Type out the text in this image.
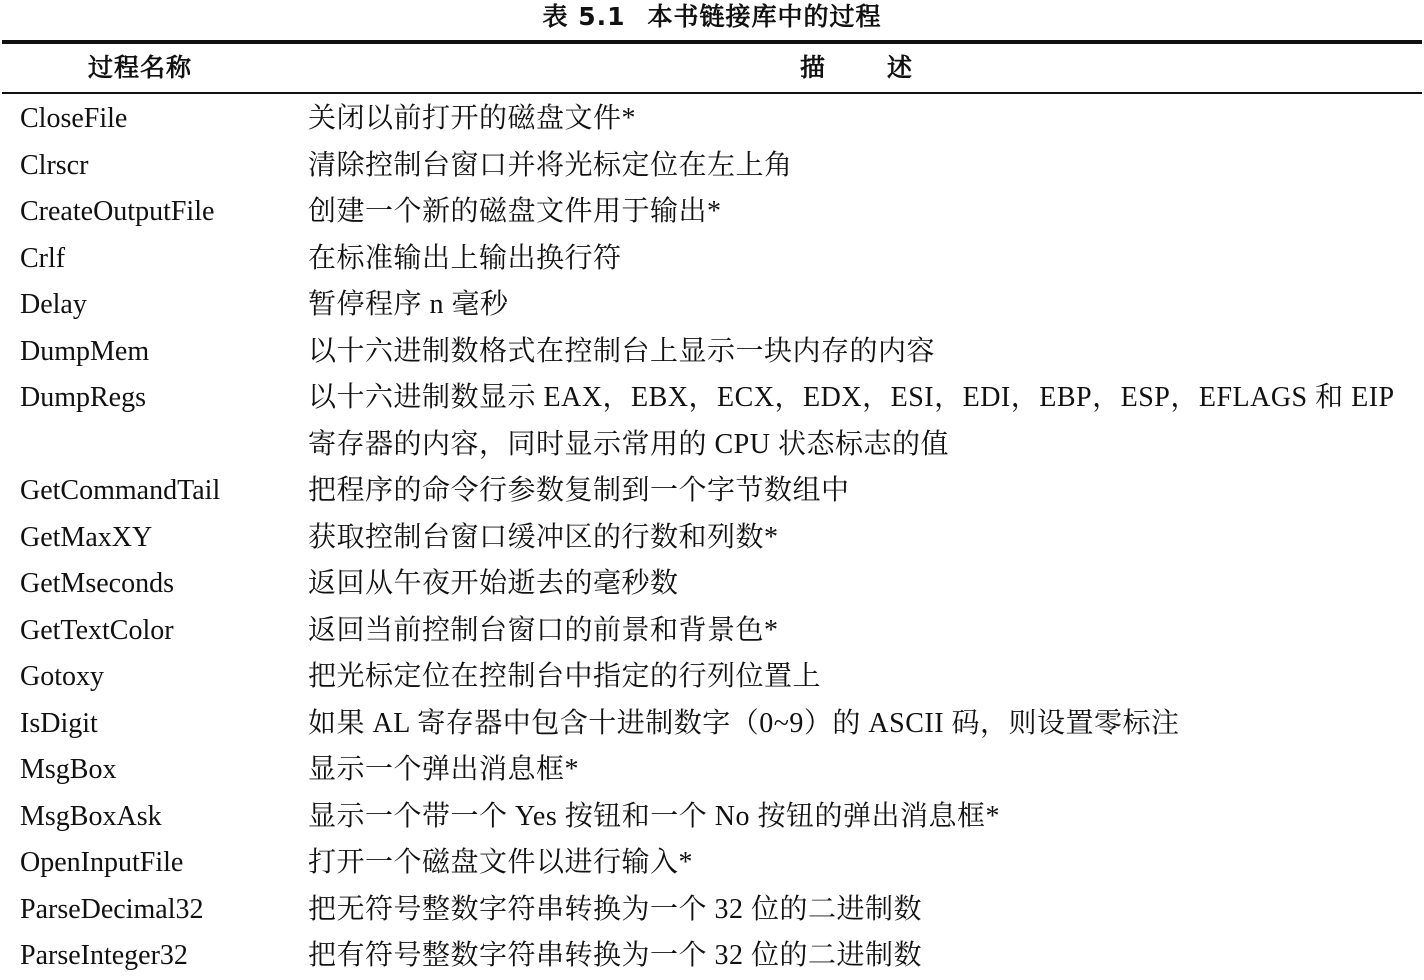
表 5.1 本书链接库中的过程
过程名称	描述
CloseFile	关闭以前打开的磁盘文件*
Clrscr	清除控制台窗口并将光标定位在左上角
CreateOutputFile	创建一个新的磁盘文件用于输出*
Crlf	在标准输出上输出换行符
Delay	暂停程序 n 毫秒
DumpMem	以十六进制数格式在控制台上显示一块内存的内容
DumpRegs	以十六进制数显示 EAX，EBX，ECX，EDX，ESI，EDI，EBP，ESP，EFLAGS 和 EIP 寄存器的内容，同时显示常用的 CPU 状态标志的值
GetCommandTail	把程序的命令行参数复制到一个字节数组中
GetMaxXY	获取控制台窗口缓冲区的行数和列数*
GetMseconds	返回从午夜开始逝去的毫秒数
GetTextColor	返回当前控制台窗口的前景和背景色*
Gotoxy	把光标定位在控制台中指定的行列位置上
IsDigit	如果 AL 寄存器中包含十进制数字（0~9）的 ASCII 码，则设置零标注
MsgBox	显示一个弹出消息框*
MsgBoxAsk	显示一个带一个 Yes 按钮和一个 No 按钮的弹出消息框*
OpenInputFile	打开一个磁盘文件以进行输入*
ParseDecimal32	把无符号整数字符串转换为一个 32 位的二进制数
ParseInteger32	把有符号整数字符串转换为一个 32 位的二进制数
